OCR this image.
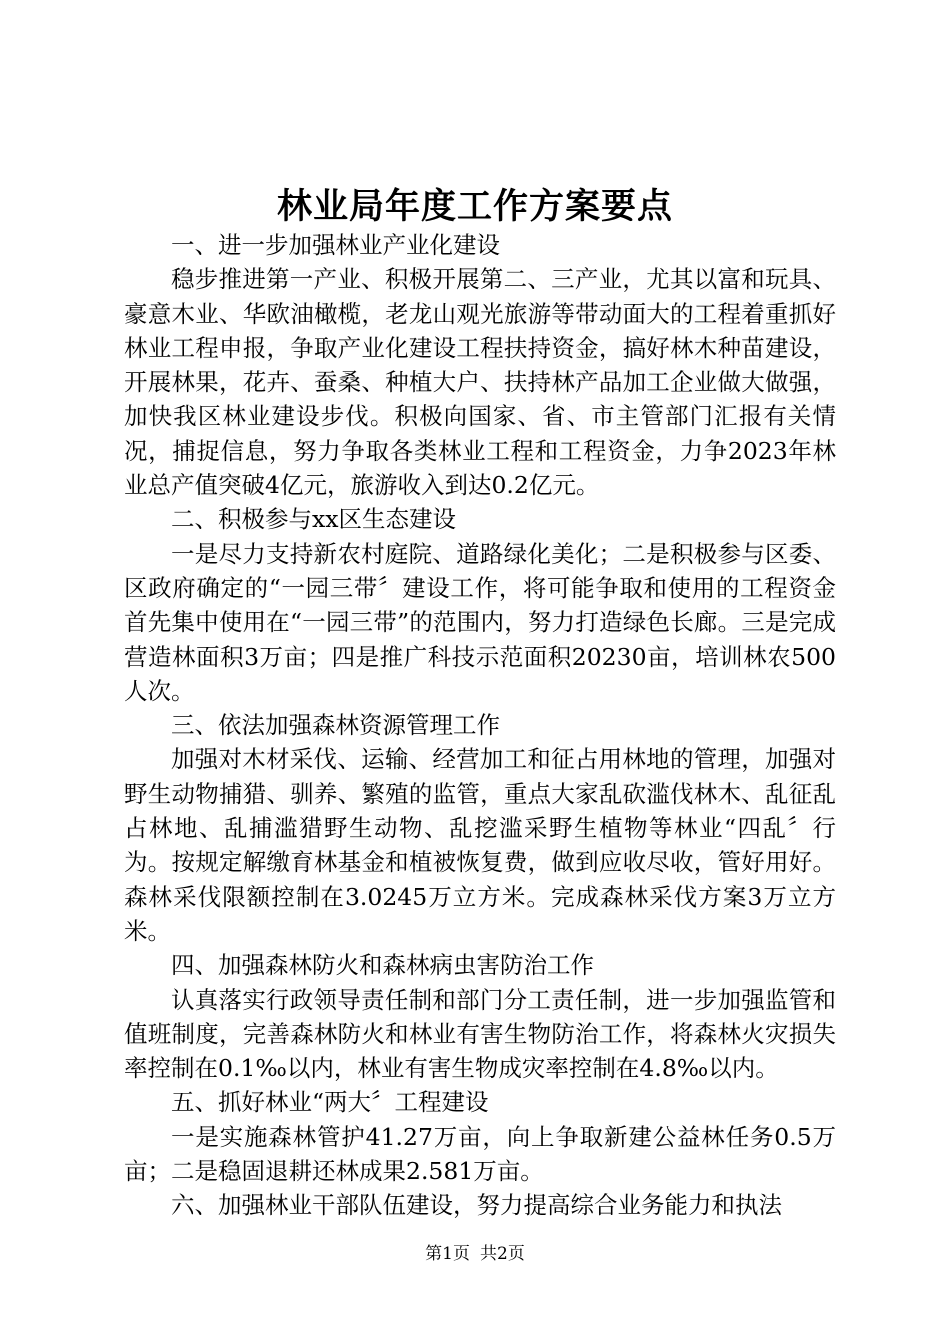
林业局年度工作方案要点

一、进一步加强林业产业化建设

稳步推进第一产业、积极开展第二、三产业，尤其以富和玩具、豪意木业、华欧油橄榄，老龙山观光旅游等带动面大的工程着重抓好林业工程申报，争取产业化建设工程扶持资金，搞好林木种苗建设，开展林果，花卉、蚕桑、种植大户、扶持林产品加工企业做大做强，加快我区林业建设步伐。积极向国家、省、市主管部门汇报有关情况，捕捉信息，努力争取各类林业工程和工程资金，力争2023年林业总产值突破4亿元，旅游收入到达0.2亿元。

二、积极参与xx区生态建设

一是尽力支持新农村庭院、道路绿化美化；二是积极参与区委、区政府确定的“一园三带〞建设工作，将可能争取和使用的工程资金首先集中使用在“一园三带”的范围内，努力打造绿色长廊。三是完成营造林面积3万亩；四是推广科技示范面积20230亩，培训林农500人次。

三、依法加强森林资源管理工作

加强对木材采伐、运输、经营加工和征占用林地的管理，加强对野生动物捕猎、驯养、繁殖的监管，重点大家乱砍滥伐林木、乱征乱占林地、乱捕滥猎野生动物、乱挖滥采野生植物等林业“四乱〞行为。按规定解缴育林基金和植被恢复费，做到应收尽收，管好用好。森林采伐限额控制在3.0245万立方米。完成森林采伐方案3万立方米。

四、加强森林防火和森林病虫害防治工作

认真落实行政领导责任制和部门分工责任制，进一步加强监管和值班制度，完善森林防火和林业有害生物防治工作，将森林火灾损失率控制在0.1‰以内，林业有害生物成灾率控制在4.8‰以内。

五、抓好林业“两大〞工程建设

一是实施森林管护41.27万亩，向上争取新建公益林任务0.5万亩；二是稳固退耕还林成果2.581万亩。

六、加强林业干部队伍建设，努力提高综合业务能力和执法

第1页 共2页
